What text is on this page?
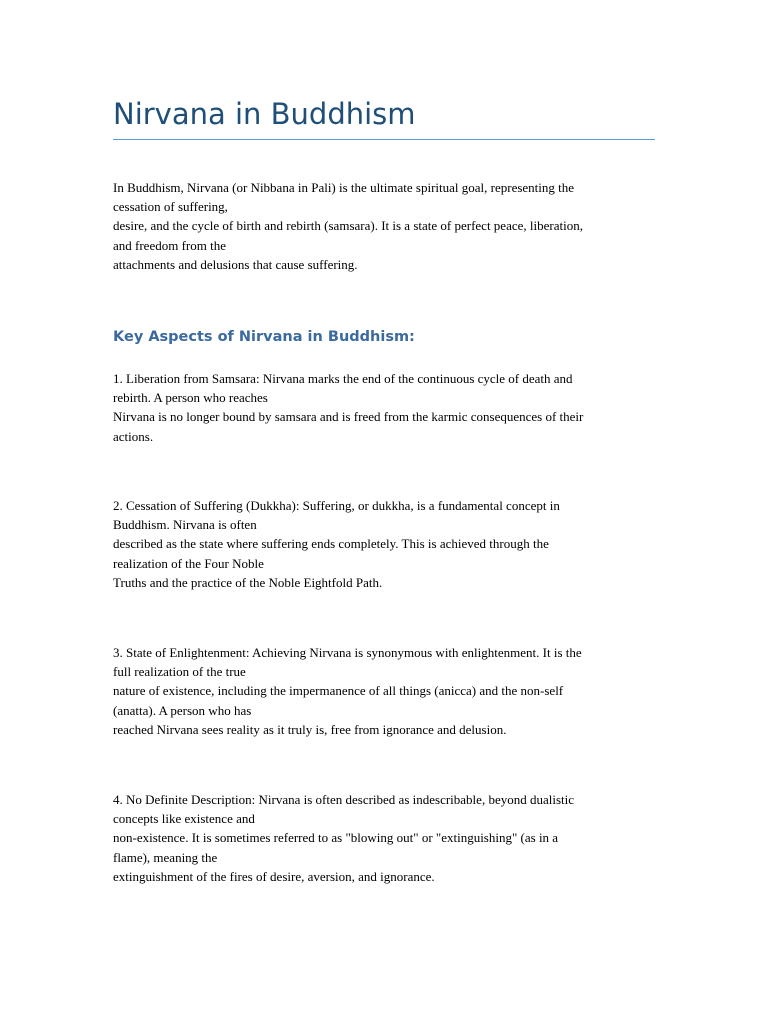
Nirvana in Buddhism

In Buddhism, Nirvana (or Nibbana in Pali) is the ultimate spiritual goal, representing the
cessation of suffering,
desire, and the cycle of birth and rebirth (samsara). It is a state of perfect peace, liberation,
and freedom from the
attachments and delusions that cause suffering.

Key Aspects of Nirvana in Buddhism:

1. Liberation from Samsara: Nirvana marks the end of the continuous cycle of death and
rebirth. A person who reaches
Nirvana is no longer bound by samsara and is freed from the karmic consequences of their
actions.

2. Cessation of Suffering (Dukkha): Suffering, or dukkha, is a fundamental concept in
Buddhism. Nirvana is often
described as the state where suffering ends completely. This is achieved through the
realization of the Four Noble
Truths and the practice of the Noble Eightfold Path.

3. State of Enlightenment: Achieving Nirvana is synonymous with enlightenment. It is the
full realization of the true
nature of existence, including the impermanence of all things (anicca) and the non-self
(anatta). A person who has
reached Nirvana sees reality as it truly is, free from ignorance and delusion.

4. No Definite Description: Nirvana is often described as indescribable, beyond dualistic
concepts like existence and
non-existence. It is sometimes referred to as "blowing out" or "extinguishing" (as in a
flame), meaning the
extinguishment of the fires of desire, aversion, and ignorance.
